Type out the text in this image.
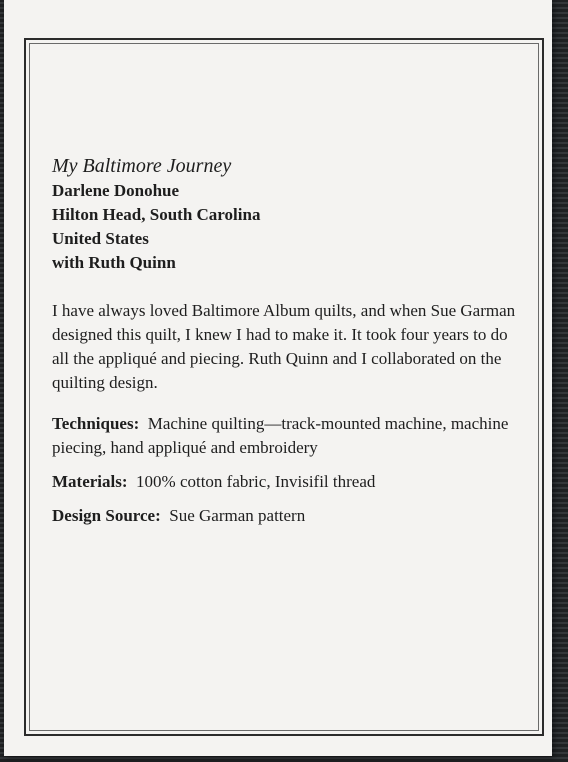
My Baltimore Journey

Darlene Donohue

Hilton Head, South Carolina

United States

with Ruth Quinn

I have always loved Baltimore Album quilts, and when Sue Garman designed this quilt, I knew I had to make it. It took four years to do all the appliqué and piecing. Ruth Quinn and I collaborated on the quilting design.

Techniques:  Machine quilting—track-mounted machine, machine piecing, hand appliqué and embroidery

Materials:  100% cotton fabric, Invisifil thread

Design Source:  Sue Garman pattern
